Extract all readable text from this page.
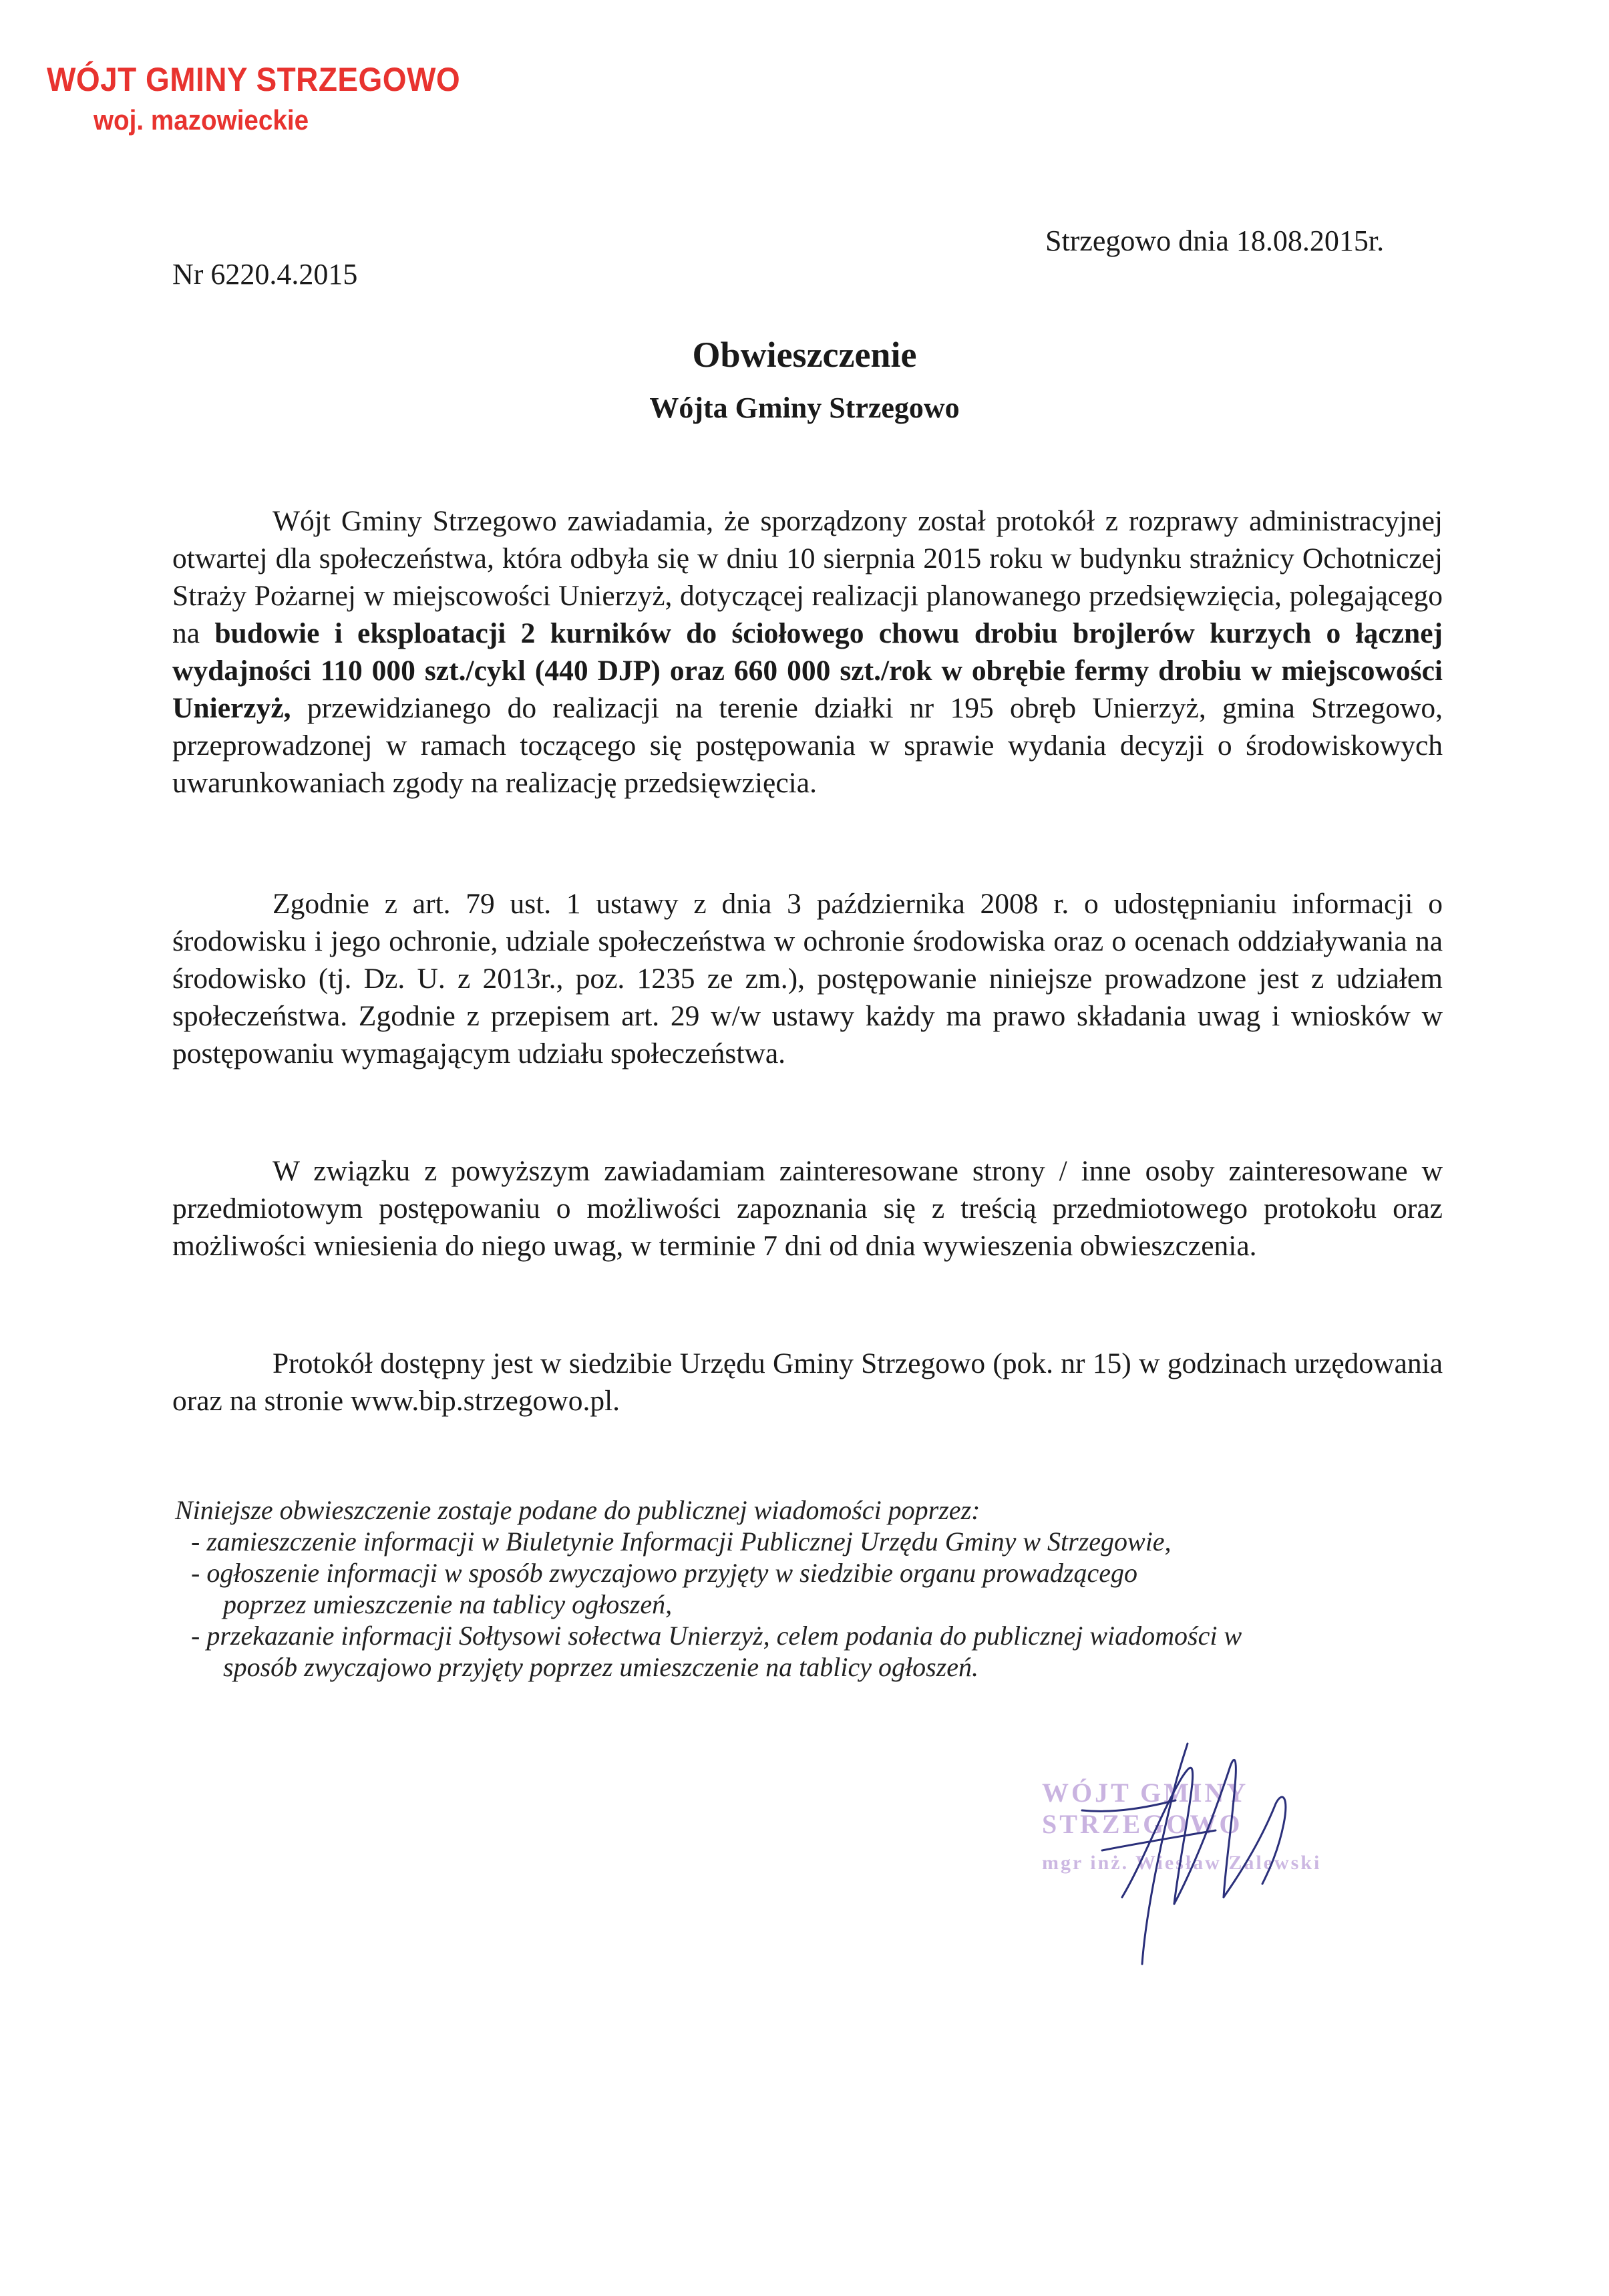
WÓJT GMINY STRZEGOWO
woj. mazowieckie
Strzegowo dnia 18.08.2015r.
Nr 6220.4.2015
Obwieszczenie
Wójta Gminy Strzegowo

Wójt Gminy Strzegowo zawiadamia, że sporządzony został protokół z rozprawy administracyjnej otwartej dla społeczeństwa, która odbyła się w dniu 10 sierpnia 2015 roku w budynku strażnicy Ochotniczej Straży Pożarnej w miejscowości Unierzyż, dotyczącej realizacji planowanego przedsięwzięcia, polegającego na budowie i eksploatacji 2 kurników do ściołowego chowu drobiu brojlerów kurzych o łącznej wydajności 110 000 szt./cykl (440 DJP) oraz 660 000 szt./rok w obrębie fermy drobiu w miejscowości Unierzyż, przewidzianego do realizacji na terenie działki nr 195 obręb Unierzyż, gmina Strzegowo, przeprowadzonej w ramach toczącego się postępowania w sprawie wydania decyzji o środowiskowych uwarunkowaniach zgody na realizację przedsięwzięcia.

Zgodnie z art. 79 ust. 1 ustawy z dnia 3 października 2008 r. o udostępnianiu informacji o środowisku i jego ochronie, udziale społeczeństwa w ochronie środowiska oraz o ocenach oddziaływania na środowisko (tj. Dz. U. z 2013r., poz. 1235 ze zm.), postępowanie niniejsze prowadzone jest z udziałem społeczeństwa. Zgodnie z przepisem art. 29 w/w ustawy każdy ma prawo składania uwag i wniosków w postępowaniu wymagającym udziału społeczeństwa.

W związku z powyższym zawiadamiam zainteresowane strony / inne osoby zainteresowane w przedmiotowym postępowaniu o możliwości zapoznania się z treścią przedmiotowego protokołu oraz możliwości wniesienia do niego uwag, w terminie 7 dni od dnia wywieszenia obwieszczenia.

Protokół dostępny jest w siedzibie Urzędu Gminy Strzegowo (pok. nr 15) w godzinach urzędowania oraz na stronie www.bip.strzegowo.pl.

Niniejsze obwieszczenie zostaje podane do publicznej wiadomości poprzez:
- zamieszczenie informacji w Biuletynie Informacji Publicznej Urzędu Gminy w Strzegowie,
- ogłoszenie informacji w sposób zwyczajowo przyjęty w siedzibie organu prowadzącego
poprzez umieszczenie na tablicy ogłoszeń,
- przekazanie informacji Sołtysowi sołectwa Unierzyż, celem podania do publicznej wiadomości w
sposób zwyczajowo przyjęty poprzez umieszczenie na tablicy ogłoszeń.
WÓJT GMINY STRZEGOWO
mgr inż. Wiesław Zalewski
